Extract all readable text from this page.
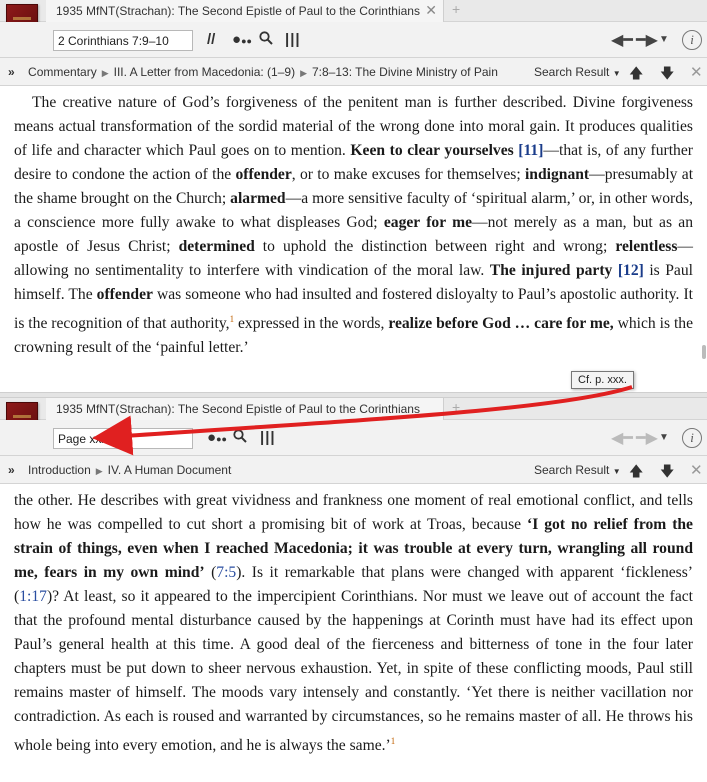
1935 MfNT(Strachan): The Second Epistle of Paul to the Corinthians ✕ +
2 Corinthians 7:9–10
// ●●● |||	◀━ ━▶ ▼	i
» Commentary ▶ III. A Letter from Macedonia: (1–9) ▶ 7:8–13: The Divine Ministry of Pain	Search Result ▼ 🡅 🡇 ✕

The creative nature of God’s forgiveness of the penitent man is further described. Divine forgiveness means actual transformation of the sordid material of the wrong done into moral gain. It produces qualities of life and character which Paul goes on to mention. Keen to clear yourselves [11]—that is, of any further desire to condone the action of the offender, or to make excuses for themselves; indignant—presumably at the shame brought on the Church; alarmed—a more sensitive faculty of ‘spiritual alarm,’ or, in other words, a conscience more fully awake to what displeases God; eager for me—not merely as a man, but as an apostle of Jesus Christ; determined to uphold the distinction between right and wrong; relentless—allowing no sentimentality to interfere with vindication of the moral law. The injured party [12] is Paul himself. The offender was someone who had insulted and fostered disloyalty to Paul’s apostolic authority. It is the recognition of that authority,$^1$ expressed in the words, realize before God … care for me, which is the crowning result of the ‘painful letter.’

1935 MfNT(Strachan): The Second Epistle of Paul to the Corinthians +
Page xxx
●●● |||	◀━ ━▶ ▼	i
» Introduction ▶ IV. A Human Document	Search Result ▼ 🡅 🡇 ✕

the other. He describes with great vividness and frankness one moment of real emotional conflict, and tells how he was compelled to cut short a promising bit of work at Troas, because ‘I got no relief from the strain of things, even when I reached Macedonia; it was trouble at every turn, wrangling all round me, fears in my own mind’ (7:5). Is it remarkable that plans were changed with apparent ‘fickleness’ (1:17)? At least, so it appeared to the impercipient Corinthians. Nor must we leave out of account the fact that the profound mental disturbance caused by the happenings at Corinth must have had its effect upon Paul’s general health at this time. A good deal of the fierceness and bitterness of tone in the four later chapters must be put down to sheer nervous exhaustion. Yet, in spite of these conflicting moods, Paul still remains master of himself. The moods vary intensely and constantly. ‘Yet there is neither vacillation nor contradiction. As each is roused and warranted by circumstances, so he remains master of all. He throws his whole being into every emotion, and he is always the same.’$^1$

Cf. p. xxx.
